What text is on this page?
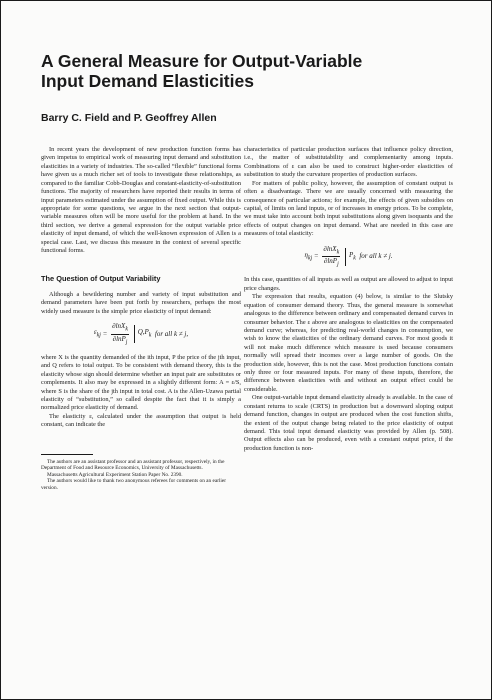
A General Measure for Output-Variable
Input Demand Elasticities
Barry C. Field and P. Geoffrey Allen

In recent years the development of new production function forms has given impetus to empirical work of measuring input demand and substitution elasticities in a variety of industries. The so-called “flexible” functional forms have given us a much richer set of tools to investigate these relationships, as compared to the familiar Cobb-Douglas and constant-elasticity-of-substitution functions. The majority of researchers have reported their results in terms of input parameters estimated under the assumption of fixed output. While this is appropriate for some questions, we argue in the next section that output-variable measures often will be more useful for the problem at hand. In the third section, we derive a general expression for the output variable price elasticity of input demand, of which the well-known expression of Allen is a special case. Last, we discuss this measure in the context of several specific functional forms.

The Question of Output Variability

Although a bewildering number and variety of input substitution and demand parameters have been put forth by researchers, perhaps the most widely used measure is the simple price elasticity of input demand:

$\varepsilon_{kj} = \frac{\partial\ln X_k}{\partial\ln P_j} Q,P_k$
for all k ≠ j,

where X is the quantity demanded of the ith input, P the price of the jth input, and Q refers to total output. To be consistent with demand theory, this is the elasticity whose sign should determine whether an input pair are substitutes or complements. It also may be expressed in a slightly different form: A = ε/S, where S is the share of the jth input in total cost. A is the Allen-Uzawa partial elasticity of “substitution,” so called despite the fact that it is simply a normalized price elasticity of demand.

The elasticity ε, calculated under the assumption that output is held constant, can indicate the

The authors are an assistant professor and an assistant professor, respectively, in the Department of Food and Resource Economics, University of Massachusetts.
Massachusetts Agricultural Experiment Station Paper No. 2390.
The authors would like to thank two anonymous referees for comments on an earlier version.

characteristics of particular production surfaces that influence policy direction, i.e., the matter of substitutability and complementarity among inputs. Combinations of ε can also be used to construct higher-order elasticities of substitution to study the curvature properties of production surfaces.

For matters of public policy, however, the assumption of constant output is often a disadvantage. There we are usually concerned with measuring the consequence of particular actions; for example, the effects of given subsidies on capital, of limits on land inputs, or of increases in energy prices. To be complete, we must take into account both input substitutions along given isoquants and the effects of output changes on input demand. What are needed in this case are measures of total elasticity:

$\eta_{kj} = \frac{\partial\ln X_k}{\partial\ln P_j} P_k$
for all k ≠ j.

In this case, quantities of all inputs as well as output are allowed to adjust to input price changes.

The expression that results, equation (4) below, is similar to the Slutsky equation of consumer demand theory. Thus, the general measure is somewhat analogous to the difference between ordinary and compensated demand curves in consumer behavior. The ε above are analogous to elasticities on the compensated demand curve; whereas, for predicting real-world changes in consumption, we wish to know the elasticities of the ordinary demand curves. For most goods it will not make much difference which measure is used because consumers normally will spread their incomes over a large number of goods. On the production side, however, this is not the case. Most production functions contain only three or four measured inputs. For many of these inputs, therefore, the difference between elasticities with and without an output effect could be considerable.

One output-variable input demand elasticity already is available. In the case of constant returns to scale (CRTS) in production but a downward sloping output demand function, changes in output are produced when the cost function shifts, the extent of the output change being related to the price elasticity of output demand. This total input demand elasticity was provided by Allen (p. 508). Output effects also can be produced, even with a constant output price, if the production function is non-
